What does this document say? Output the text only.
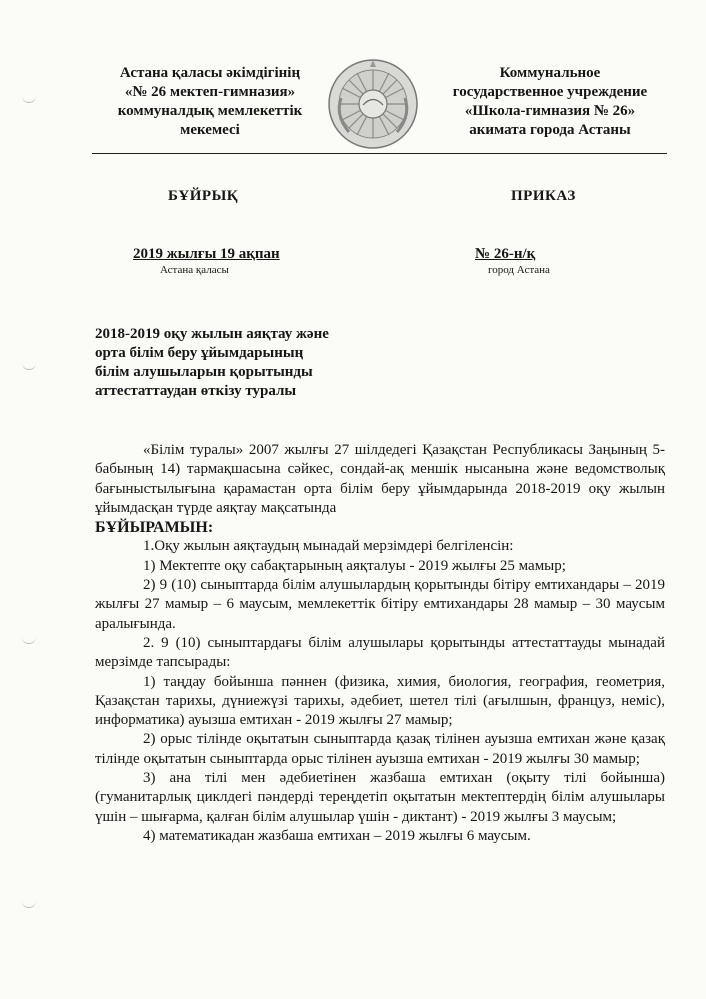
Астана қаласы әкімдігінің
«№ 26 мектеп-гимназия»
коммуналдық мемлекеттік
мекемесі
Коммунальное
государственное учреждение
«Школа-гимназия № 26»
акимата города Астаны
БҰЙРЫҚ	ПРИКАЗ
2019 жылғы 19 ақпан
Астана қаласы
№ 26-н/қ
город Астана
2018-2019 оқу жылын аяқтау және
орта білім беру ұйымдарының
білім алушыларын қорытынды
аттестаттаудан өткізу туралы

«Білім туралы» 2007 жылғы 27 шілдедегі Қазақстан Республикасы Заңының 5-бабының 14) тармақшасына сәйкес, сондай-ақ меншік нысанына және ведомстволық бағыныстылығына қарамастан орта білім беру ұйымдарында 2018-2019 оқу жылын ұйымдасқан түрде аяқтау мақсатында

БҰЙЫРАМЫН:

1.Оқу жылын аяқтаудың мынадай мерзімдері белгіленсін:

1) Мектепте оқу сабақтарының аяқталуы - 2019 жылғы 25 мамыр;

2) 9 (10) сыныптарда білім алушылардың қорытынды бітіру емтихандары – 2019 жылғы 27 мамыр – 6 маусым, мемлекеттік бітіру емтихандары 28 мамыр – 30 маусым аралығында.

2. 9 (10) сыныптардағы білім алушылары қорытынды аттестаттауды мынадай мерзімде тапсырады:

1) таңдау бойынша пәннен (физика, химия, биология, география, геометрия, Қазақстан тарихы, дүниежүзі тарихы, әдебиет, шетел тілі (ағылшын, француз, неміс), информатика) ауызша емтихан - 2019 жылғы 27 мамыр;

2) орыс тілінде оқытатын сыныптарда қазақ тілінен ауызша емтихан және қазақ тілінде оқытатын сыныптарда орыс тілінен ауызша емтихан - 2019 жылғы 30 мамыр;

3) ана тілі мен әдебиетінен жазбаша емтихан (оқыту тілі бойынша) (гуманитарлық циклдегі пәндерді тереңдетіп оқытатын мектептердің білім алушылары үшін – шығарма, қалған білім алушылар үшін - диктант) - 2019 жылғы 3 маусым;

4) математикадан жазбаша емтихан – 2019 жылғы 6 маусым.
